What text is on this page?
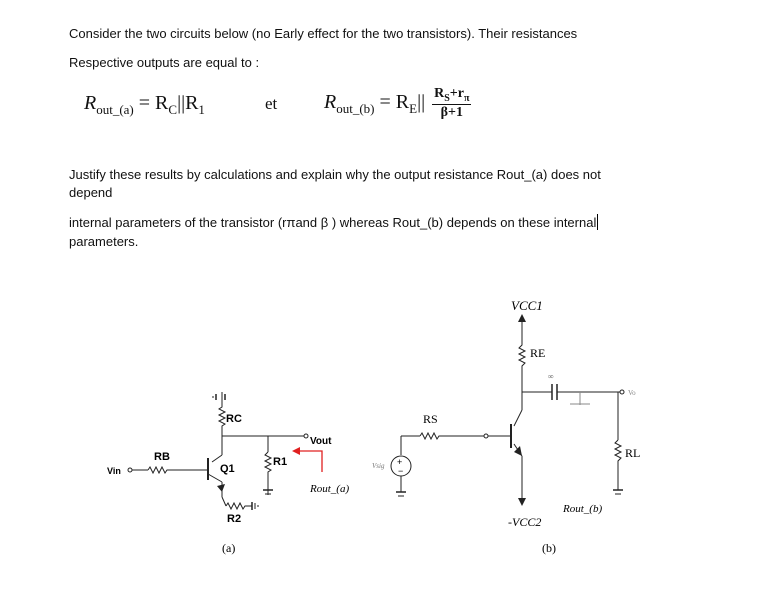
Consider the two circuits below (no Early effect for the two transistors). Their resistances
Respective outputs are equal to :
$R_{out\_(a)} = R_C||R_1$	et $R_{out\_(b)} = R_E|| \frac{R_S+r_\pi}{\beta+1}$
Justify these results by calculations and explain why the output resistance Rout_(a) does not
depend
internal parameters of the transistor (rπand β ) whereas Rout_(b) depends on these internal
parameters.
+
−
RC
RB
Q1
R1
R2
Vin
Vout
Rout_(a)
(a)
VCC1
RE
∞
RS
Vsig
RL
Vo
-VCC2
Rout_(b)
(b)
